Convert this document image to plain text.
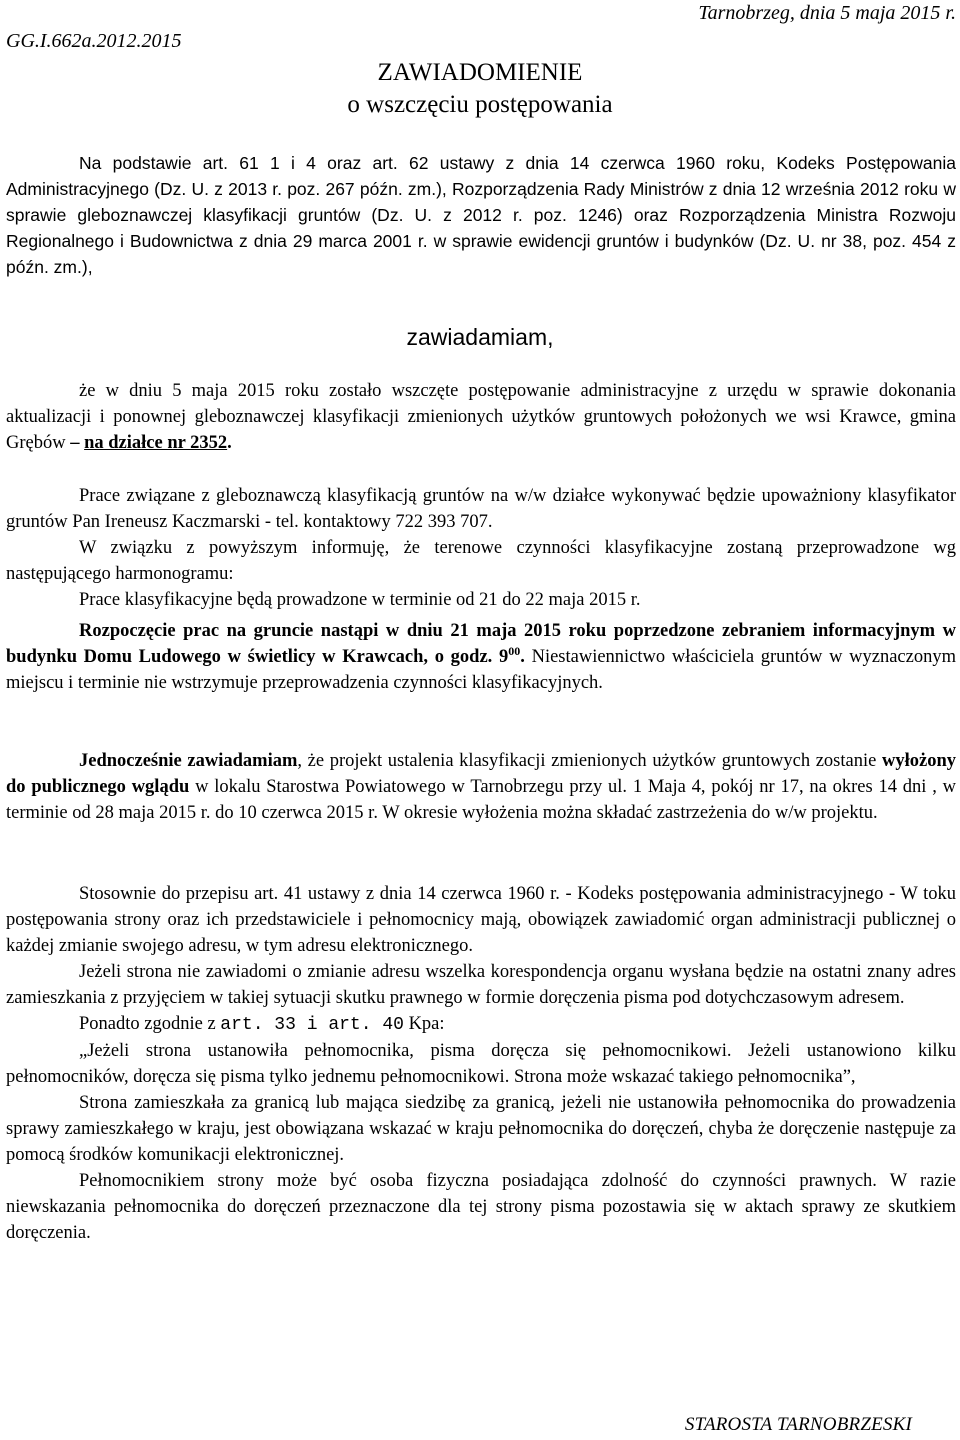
GG.I.662a.2012.2015
Tarnobrzeg, dnia 5 maja 2015 r.
ZAWIADOMIENIE
o wszczęciu postępowania

Na podstawie art. 61 1 i 4 oraz art. 62 ustawy z dnia 14 czerwca 1960 roku, Kodeks Postępowania Administracyjnego (Dz. U. z 2013 r. poz. 267 późn. zm.), Rozporządzenia Rady Ministrów z dnia 12 września 2012 roku w sprawie gleboznawczej klasyfikacji gruntów (Dz. U. z 2012 r. poz. 1246) oraz Rozporządzenia Ministra Rozwoju Regionalnego i Budownictwa z dnia 29 marca 2001 r. w sprawie ewidencji gruntów i budynków (Dz. U. nr 38, poz. 454 z późn. zm.),

zawiadamiam,

że w dniu 5 maja 2015 roku zostało wszczęte postępowanie administracyjne z urzędu w sprawie dokonania aktualizacji i ponownej gleboznawczej klasyfikacji zmienionych użytków gruntowych położonych we wsi Krawce, gmina Grębów – na działce nr 2352.

Prace związane z gleboznawczą klasyfikacją gruntów na w/w działce wykonywać będzie upoważniony klasyfikator gruntów Pan Ireneusz Kaczmarski - tel. kontaktowy 722 393 707.

W związku z powyższym informuję, że terenowe czynności klasyfikacyjne zostaną przeprowadzone wg następującego harmonogramu:

Prace klasyfikacyjne będą prowadzone w terminie od 21 do 22 maja 2015 r.

Rozpoczęcie prac na gruncie nastąpi w dniu 21 maja 2015 roku poprzedzone zebraniem informacyjnym w budynku Domu Ludowego w świetlicy w Krawcach, o godz. $9^{00}$. Niestawiennictwo właściciela gruntów w wyznaczonym miejscu i terminie nie wstrzymuje przeprowadzenia czynności klasyfikacyjnych.

Jednocześnie zawiadamiam, że projekt ustalenia klasyfikacji zmienionych użytków gruntowych zostanie wyłożony do publicznego wglądu w lokalu Starostwa Powiatowego w Tarnobrzegu przy ul. 1 Maja 4, pokój nr 17, na okres 14 dni , w terminie od 28 maja 2015 r. do 10 czerwca 2015 r. W okresie wyłożenia można składać zastrzeżenia do w/w projektu.

Stosownie do przepisu art. 41 ustawy z dnia 14 czerwca 1960 r. - Kodeks postępowania administracyjnego - W toku postępowania strony oraz ich przedstawiciele i pełnomocnicy mają, obowiązek zawiadomić organ administracji publicznej o każdej zmianie swojego adresu, w tym adresu elektronicznego.

Jeżeli strona nie zawiadomi o zmianie adresu wszelka korespondencja organu wysłana będzie na ostatni znany adres zamieszkania z przyjęciem w takiej sytuacji skutku prawnego w formie doręczenia pisma pod dotychczasowym adresem.

Ponadto zgodnie z art. 33 i art. 40 Kpa:

„Jeżeli strona ustanowiła pełnomocnika, pisma doręcza się pełnomocnikowi. Jeżeli ustanowiono kilku pełnomocników, doręcza się pisma tylko jednemu pełnomocnikowi. Strona może wskazać takiego pełnomocnika”,

Strona zamieszkała za granicą lub mająca siedzibę za granicą, jeżeli nie ustanowiła pełnomocnika do prowadzenia sprawy zamieszkałego w kraju, jest obowiązana wskazać w kraju pełnomocnika do doręczeń, chyba że doręczenie następuje za pomocą środków komunikacji elektronicznej.

Pełnomocnikiem strony może być osoba fizyczna posiadająca zdolność do czynności prawnych. W razie niewskazania pełnomocnika do doręczeń przeznaczone dla tej strony pisma pozostawia się w aktach sprawy ze skutkiem doręczenia.

STAROSTA TARNOBRZESKI
